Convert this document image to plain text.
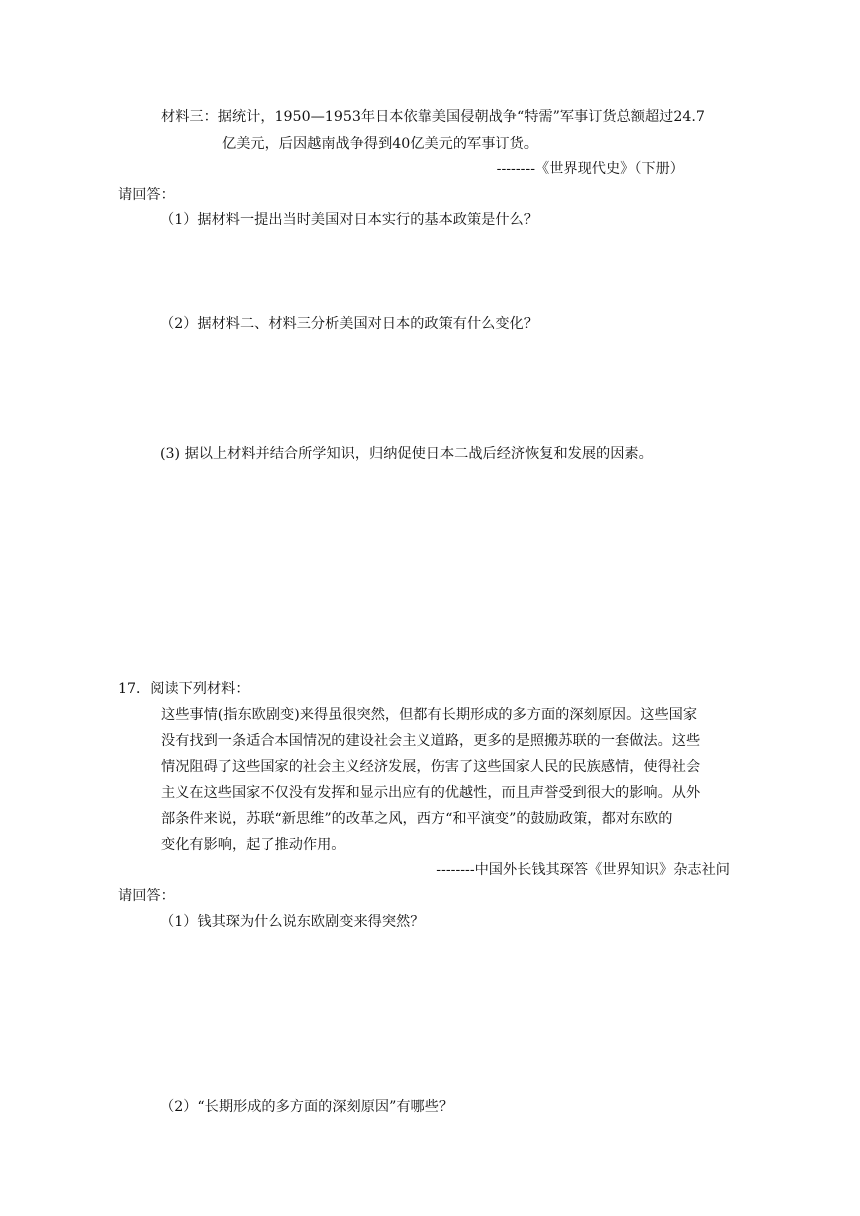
材料三：据统计，1950—1953年日本依靠美国侵朝战争“特需”军事订货总额超过24.7
亿美元，后因越南战争得到40亿美元的军事订货。
--------《世界现代史》（下册）
请回答：
（1）据材料一提出当时美国对日本实行的基本政策是什么？
（2）据材料二、材料三分析美国对日本的政策有什么变化？
(3) 据以上材料并结合所学知识，归纳促使日本二战后经济恢复和发展的因素。
17．阅读下列材料：
这些事情(指东欧剧变)来得虽很突然，但都有长期形成的多方面的深刻原因。这些国家
没有找到一条适合本国情况的建设社会主义道路，更多的是照搬苏联的一套做法。这些
情况阻碍了这些国家的社会主义经济发展，伤害了这些国家人民的民族感情，使得社会
主义在这些国家不仅没有发挥和显示出应有的优越性，而且声誉受到很大的影响。从外
部条件来说，苏联“新思维”的改革之风，西方“和平演变”的鼓励政策，都对东欧的
变化有影响，起了推动作用。
--------中国外长钱其琛答《世界知识》杂志社问
请回答：
（1）钱其琛为什么说东欧剧变来得突然？
（2）“长期形成的多方面的深刻原因”有哪些？
